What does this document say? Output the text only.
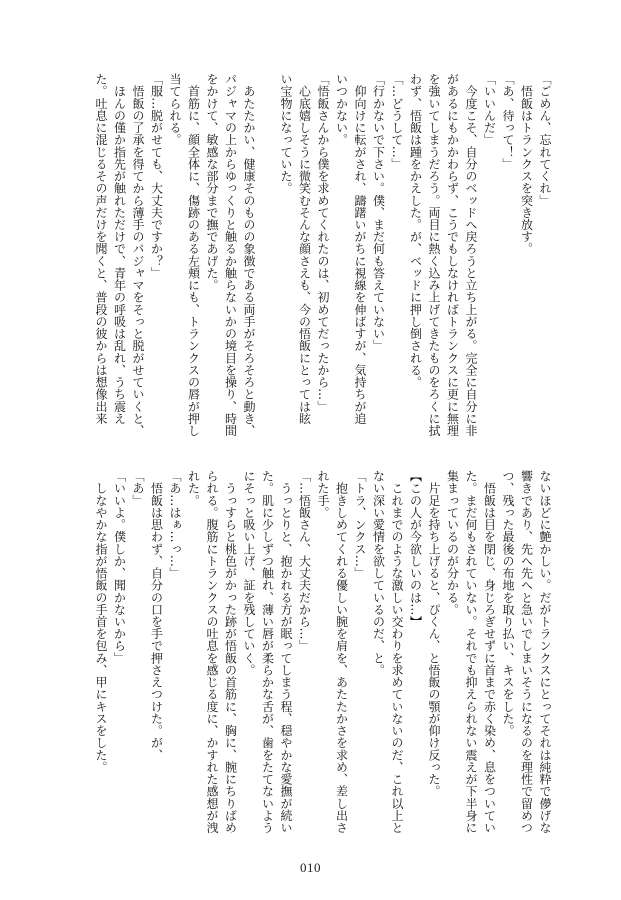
「ごめん、忘れてくれ」
　悟飯はトランクスを突き放す。
「あ、待って！」
「いいんだ」
　今度こそ、自分のベッドへ戻ろうと立ち上がる。完全に自分に非
があるにもかかわらず、こうでもしなければトランクスに更に無理
を強いてしまうだろう。両目に熱く込み上げてきたものをろくに拭
わず、悟飯は踵をかえした。が、ベッドに押し倒される。
「…どうして…」
「行かないで下さい。僕、まだ何も答えていない」
　仰向けに転がされ、躊躇いがちに視線を伸ばすが、気持ちが追
いつかない。
「悟飯さんから僕を求めてくれたのは、初めてだったから…」
　心底嬉しそうに微笑むそんな顔さえも、今の悟飯にとっては眩
い宝物になっていた。
　あたたかい、健康そのものの象徴である両手がそろそろと動き、
パジャマの上からゆっくりと触るか触らないかの境目を操り、時間
をかけて、敏感な部分まで撫であげた。
　首筋に、顔全体に、傷跡のある左頬にも、トランクスの唇が押し
当てられる。
「服…脱がせても、大丈夫ですか？」
　悟飯の了承を得てから薄手のパジャマをそっと脱がせていくと、
　ほんの僅か指先が触れただけで、青年の呼吸は乱れ、うち震え
た。吐息に混じるその声だけを聞くと、普段の彼からは想像出来
ないほどに艶かしい。だがトランクスにとってそれは純粋で儚げな
響きであり、先へ先へと急いでしまいそうになるのを理性で留めつ
つ、残った最後の布地を取り払い、キスをした。
　悟飯は目を閉じ、身じろぎせずに首まで赤く染め、息をついてい
た。まだ何もされていない。それでも抑えられない震えが下半身に
集まっているのが分かる。
　片足を持ち上げると、ぴくん、と悟飯の顎が仰け反った。
【この人が今欲しいのは…】
　これまでのような激しい交わりを求めていないのだ、これ以上と
ない深い愛情を欲しているのだ、と。
「トラ、ンクス…」
　抱きしめてくれる優しい腕を肩を、あたたかさを求め、差し出さ
れた手。
「…悟飯さん、大丈夫だから…」
　うっとりと、抱かれる方が眠ってしまう程、穏やかな愛撫が続い
た。肌に少しずつ触れ、薄い唇が柔らかな舌が、歯をたてないよう
にそっと吸い上げ、証を残していく。
　うっすらと桃色がかった跡が悟飯の首筋に、胸に、腕にちりばめ
られる。腹筋にトランクスの吐息を感じる度に、かすれた感想が洩
れた。
「あ…はぁ…っ…」
　悟飯は思わず、自分の口を手で押さえつけた。が、
「あ」
「いいよ。僕しか、聞かないから」
　しなやかな指が悟飯の手首を包み、甲にキスをした。
010
